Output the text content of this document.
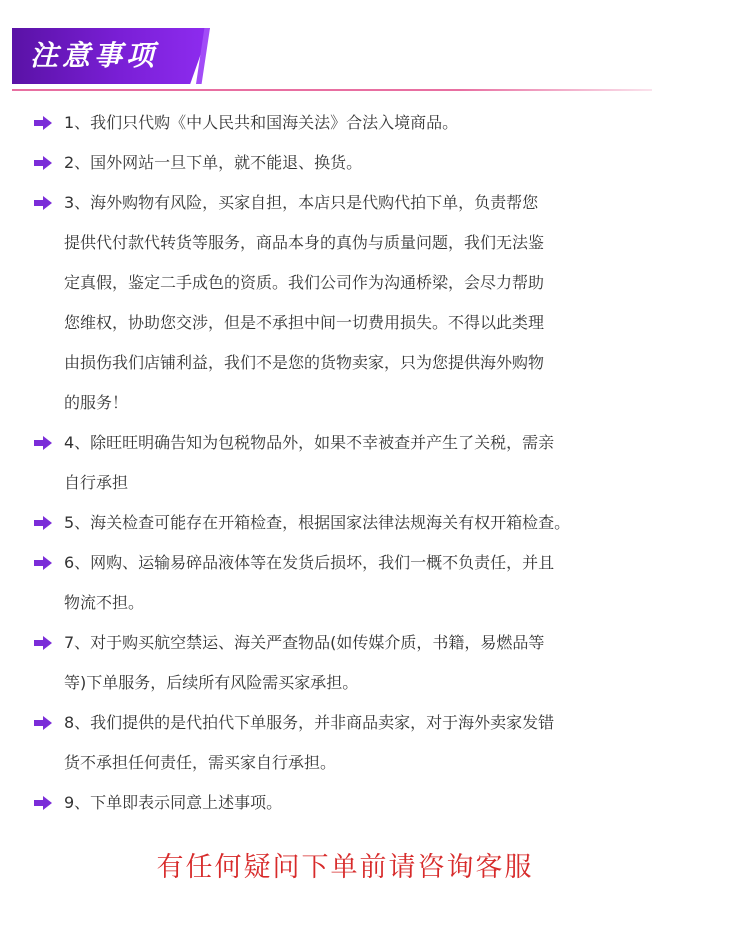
注意事项
1、我们只代购《中人民共和国海关法》合法入境商品。
2、国外网站一旦下单，就不能退、换货。
3、海外购物有风险，买家自担，本店只是代购代拍下单，负责帮您
提供代付款代转货等服务，商品本身的真伪与质量问题，我们无法鉴
定真假，鉴定二手成色的资质。我们公司作为沟通桥梁，会尽力帮助
您维权，协助您交涉，但是不承担中间一切费用损失。不得以此类理
由损伤我们店铺利益，我们不是您的货物卖家，只为您提供海外购物
的服务！
4、除旺旺明确告知为包税物品外，如果不幸被查并产生了关税，需亲
自行承担
5、海关检查可能存在开箱检查，根据国家法律法规海关有权开箱检查。
6、网购、运输易碎品液体等在发货后损坏，我们一概不负责任，并且
物流不担。
7、对于购买航空禁运、海关严查物品(如传媒介质，书籍，易燃品等
等)下单服务，后续所有风险需买家承担。
8、我们提供的是代拍代下单服务，并非商品卖家，对于海外卖家发错
货不承担任何责任，需买家自行承担。
9、下单即表示同意上述事项。
有任何疑问下单前请咨询客服
